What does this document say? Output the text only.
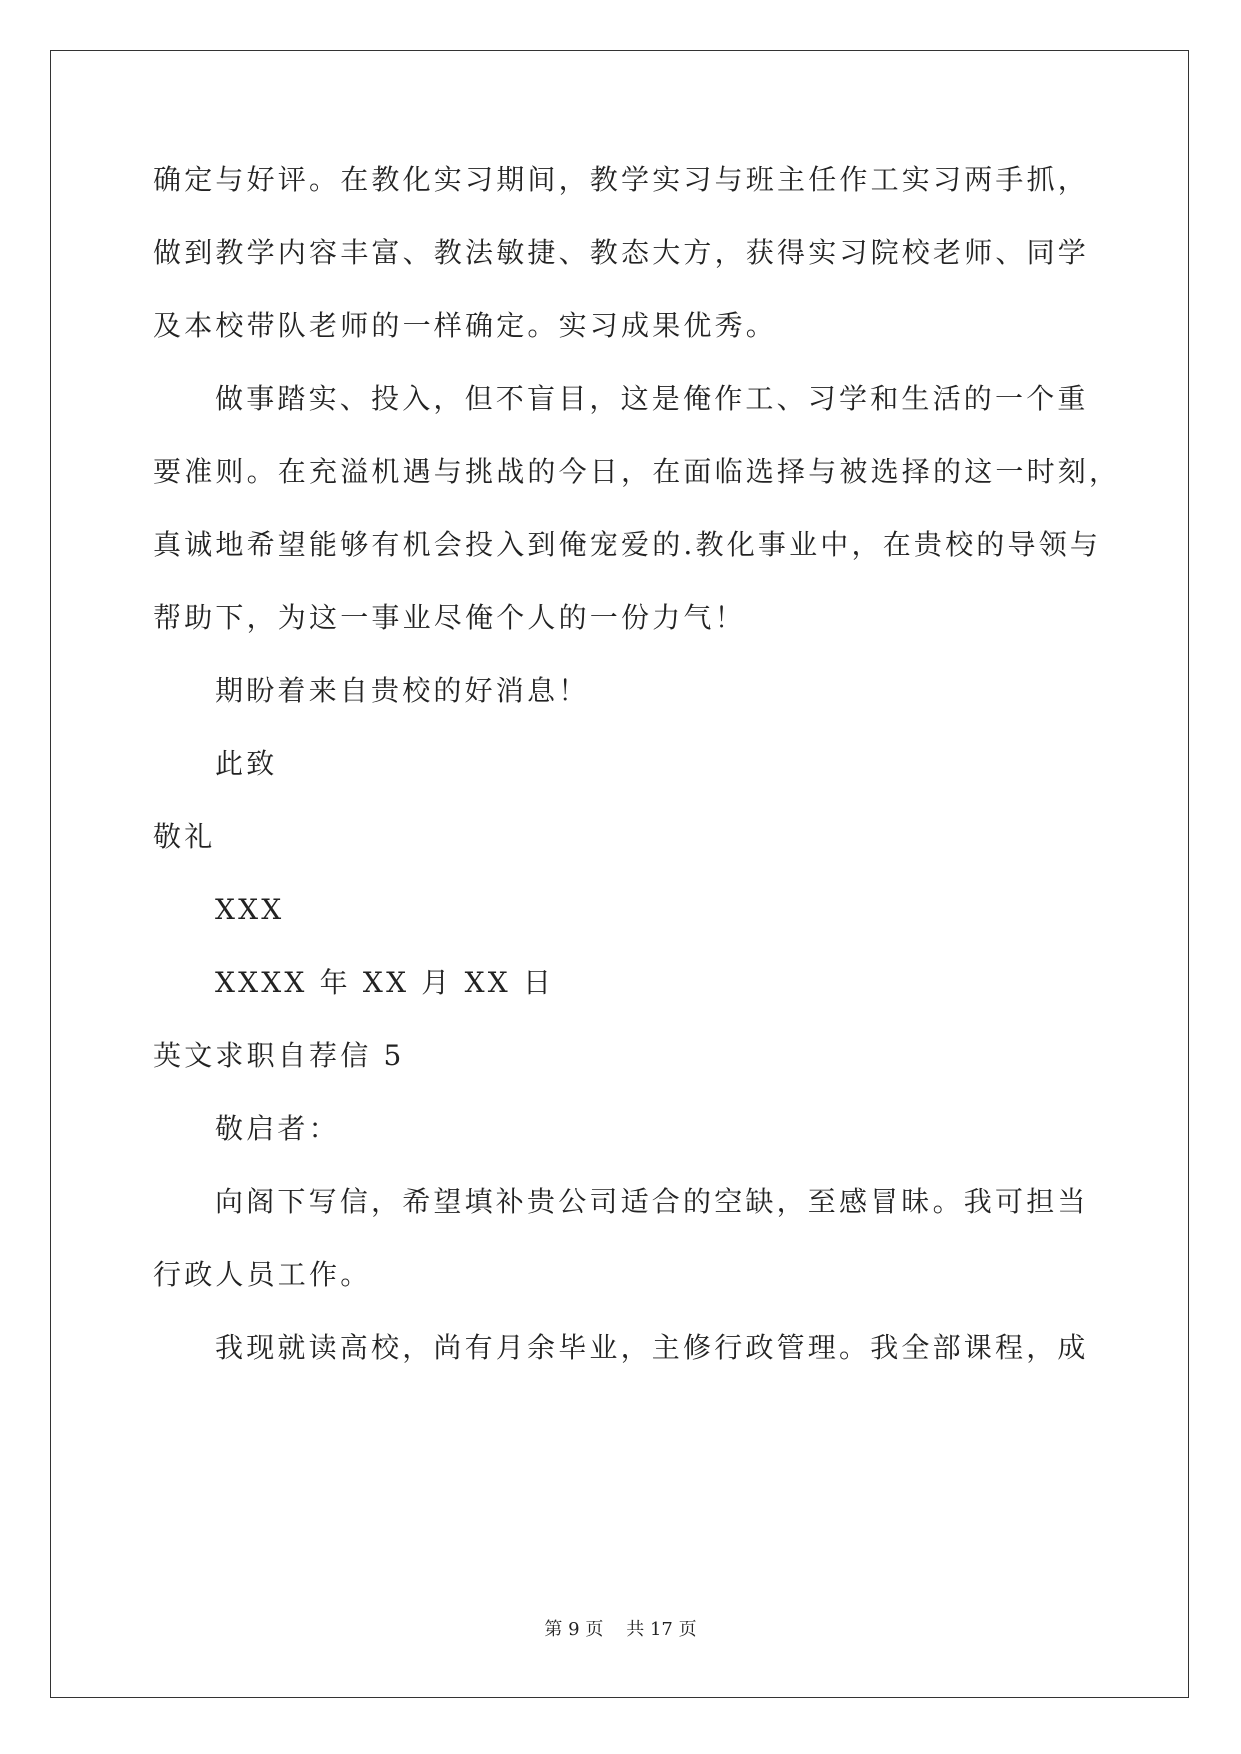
确定与好评。在教化实习期间，教学实习与班主任作工实习两手抓，
做到教学内容丰富、教法敏捷、教态大方，获得实习院校老师、同学
及本校带队老师的一样确定。实习成果优秀。
做事踏实、投入，但不盲目，这是俺作工、习学和生活的一个重
要准则。在充溢机遇与挑战的今日，在面临选择与被选择的这一时刻，
真诚地希望能够有机会投入到俺宠爱的.教化事业中，在贵校的导领与
帮助下，为这一事业尽俺个人的一份力气！
期盼着来自贵校的好消息！
此致
敬礼
XXX
XXXX 年 XX 月 XX 日
英文求职自荐信 5
敬启者：
向阁下写信，希望填补贵公司适合的空缺，至感冒昧。我可担当
行政人员工作。
我现就读高校，尚有月余毕业，主修行政管理。我全部课程，成
第 9 页 共 17 页
